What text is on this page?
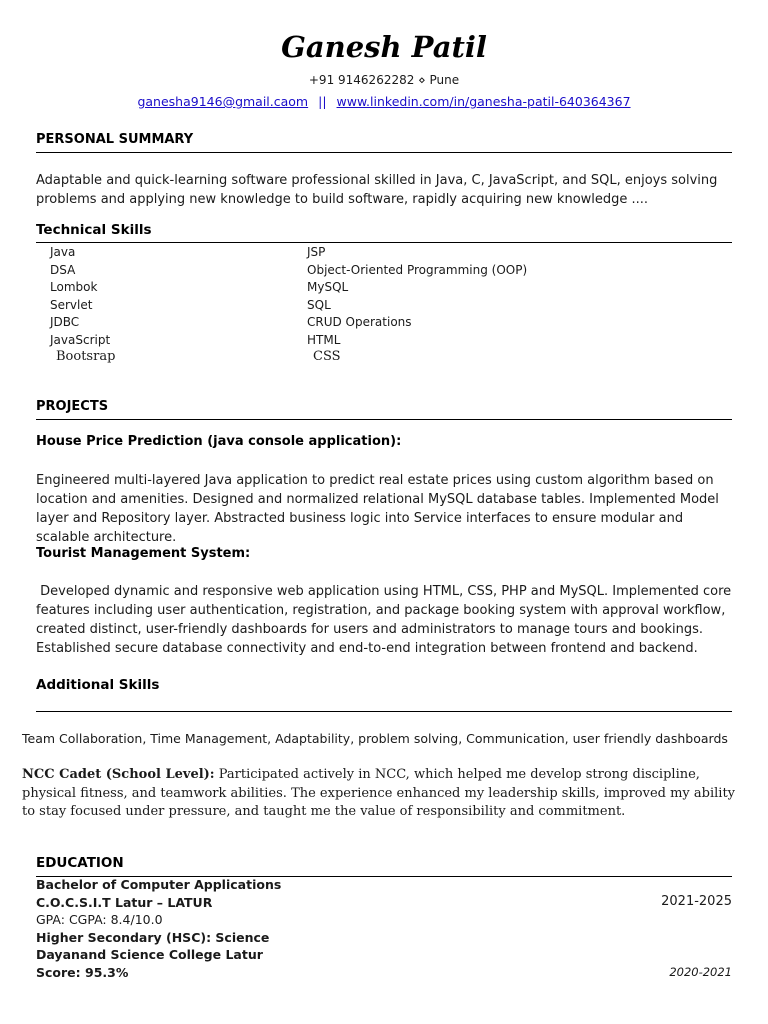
Ganesh Patil
+91 9146262282 ⋄ Pune
ganesha9146@gmail.caom || www.linkedin.com/in/ganesha-patil-640364367
PERSONAL SUMMARY
Adaptable and quick-learning software professional skilled in Java, C, JavaScript, and SQL, enjoys solving problems and applying new knowledge to build software, rapidly acquiring new knowledge ....
Technical Skills
Java
DSA
Lombok
Servlet
JDBC
JavaScript
JSP
Object-Oriented Programming (OOP)
MySQL
SQL
CRUD Operations
HTML
Bootsrap	CSS
PROJECTS
House Price Prediction (java console application):
Engineered multi-layered Java application to predict real estate prices using custom algorithm based on location and amenities. Designed and normalized relational MySQL database tables. Implemented Model layer and Repository layer. Abstracted business logic into Service interfaces to ensure modular and scalable architecture.
Tourist Management System:
Developed dynamic and responsive web application using HTML, CSS, PHP and MySQL. Implemented core features including user authentication, registration, and package booking system with approval workflow, created distinct, user-friendly dashboards for users and administrators to manage tours and bookings. Established secure database connectivity and end-to-end integration between frontend and backend.
Additional Skills
Team Collaboration, Time Management, Adaptability, problem solving, Communication, user friendly dashboards
NCC Cadet (School Level): Participated actively in NCC, which helped me develop strong discipline, physical fitness, and teamwork abilities. The experience enhanced my leadership skills, improved my ability to stay focused under pressure, and taught me the value of responsibility and commitment.
EDUCATION
Bachelor of Computer Applications
C.O.C.S.I.T Latur – LATUR
GPA: CGPA: 8.4/10.0
Higher Secondary (HSC): Science
Dayanand Science College Latur
Score: 95.3%
2021-2025
2020-2021
